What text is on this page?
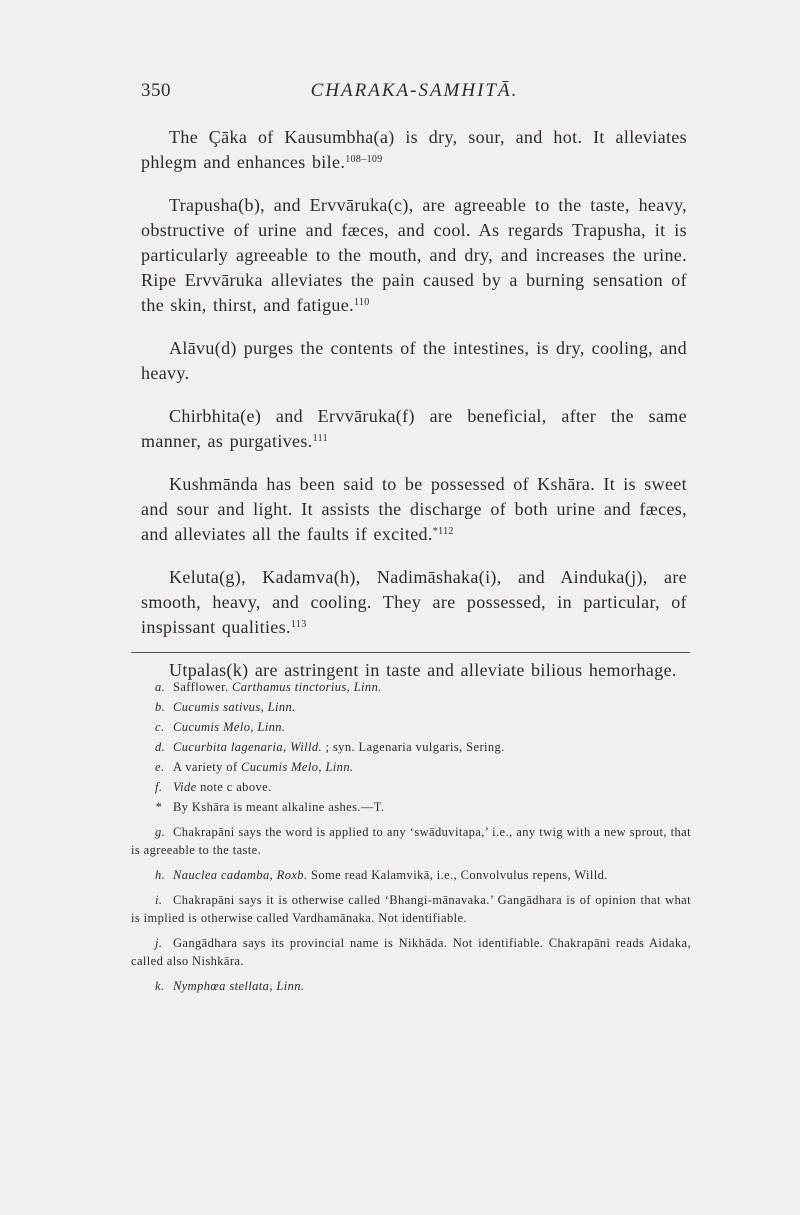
350	CHARAKA-SAMHITĀ.

The Çāka of Kausumbha(a) is dry, sour, and hot. It alleviates phlegm and enhances bile.$^{108-109}$

Trapusha(b), and Ervvāruka(c), are agreeable to the taste, heavy, obstructive of urine and fæces, and cool. As regards Trapusha, it is particularly agreeable to the mouth, and dry, and increases the urine. Ripe Ervvāruka alleviates the pain caused by a burning sensation of the skin, thirst, and fatigue.$^{110}$

Alāvu(d) purges the contents of the intestines, is dry, cooling, and heavy.

Chirbhita(e) and Ervvāruka(f) are beneficial, after the same manner, as purgatives.$^{111}$

Kushmānda has been said to be possessed of Kshāra. It is sweet and sour and light. It assists the discharge of both urine and fæces, and alleviates all the faults if excited.$^{*112}$

Keluta(g), Kadamva(h), Nadimāshaka(i), and Ainduka(j), are smooth, heavy, and cooling. They are possessed, in particular, of inspissant qualities.$^{113}$

Utpalas(k) are astringent in taste and alleviate bilious hemorhage.

a. Safflower. Carthamus tinctorius, Linn.

b. Cucumis sativus, Linn.

c. Cucumis Melo, Linn.

d. Cucurbita lagenaria, Willd. ; syn. Lagenaria vulgaris, Sering.

e. A variety of Cucumis Melo, Linn.

f. Vide note c above.

* By Kshāra is meant alkaline ashes.—T.

g. Chakrapāni says the word is applied to any ‘swāduvitapa,’ i.e., any twig with a new sprout, that is agreeable to the taste.

h. Nauclea cadamba, Roxb. Some read Kalamvikā, i.e., Convolvulus repens, Willd.

i. Chakrapāni says it is otherwise called ‘Bhangi-mānavaka.’ Gangādhara is of opinion that what is implied is otherwise called Vardhamānaka. Not identifiable.

j. Gangādhara says its provincial name is Nikhāda. Not identifiable. Chakrapāni reads Aidaka, called also Nishkāra.

k. Nymphœa stellata, Linn.
